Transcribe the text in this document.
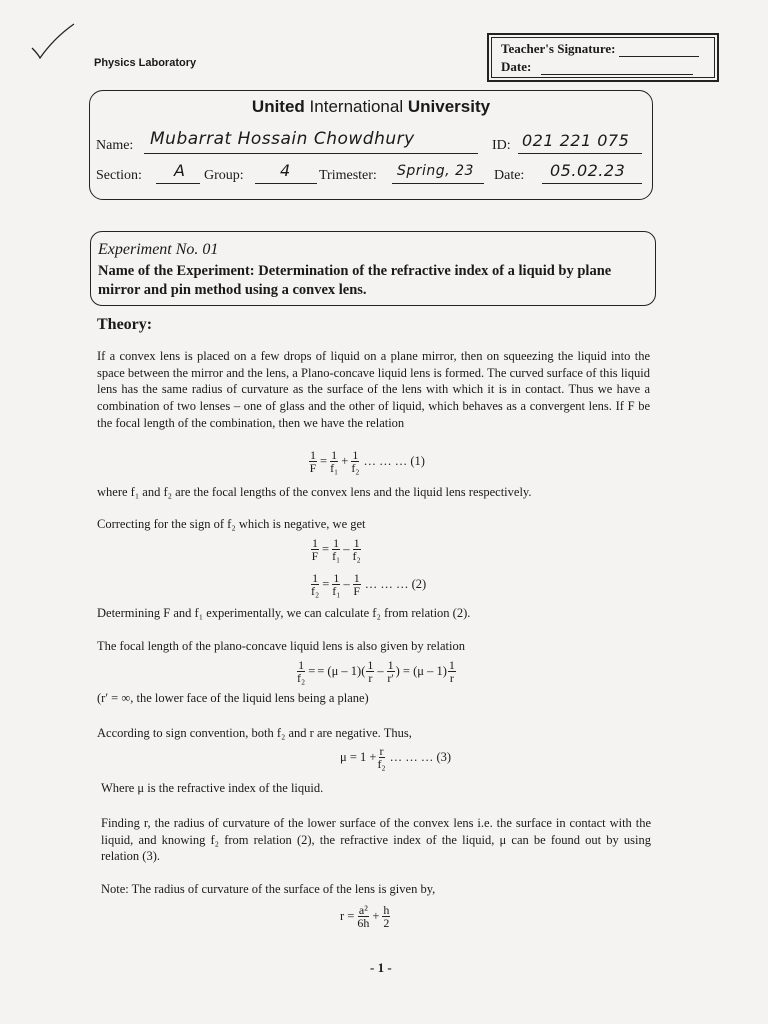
Physics Laboratory
Teacher's Signature:
Date:
United International University
Name: Mubarrat Hossain Chowdhury	ID: 021 221 075
Section: A Group: 4 Trimester: Spring, 23 Date: 05.02.23
Experiment No. 01
Name of the Experiment: Determination of the refractive index of a liquid by plane mirror and pin method using a convex lens.
Theory:
If a convex lens is placed on a few drops of liquid on a plane mirror, then on squeezing the liquid into the space between the mirror and the lens, a Plano-concave liquid lens is formed. The curved surface of this liquid lens has the same radius of curvature as the surface of the lens with which it is in contact. Thus we have a combination of two lenses – one of glass and the other of liquid, which behaves as a convergent lens. If F be the focal length of the combination, then we have the relation
$\frac{1}{F} = \frac{1}{\text{f₁}} + \frac{1}{\text{f₂}}$ … … … (1)
where f₁ and f₂ are the focal lengths of the convex lens and the liquid lens respectively.
Correcting for the sign of f₂ which is negative, we get
$\frac{1}{F} = \frac{1}{\text{f₁}} - \frac{1}{\text{f₂}}$
$\frac{1}{\text{f₂}} = \frac{1}{\text{f₁}} - \frac{1}{F}$ … … … (2)
Determining F and f₁ experimentally, we can calculate f₂ from relation (2).
The focal length of the plano-concave liquid lens is also given by relation
$\frac{1}{\text{f₂}}$ = = $(\mu - 1)( \frac{1}{r} - \frac{1}{r'}$ ) = $(\mu - 1) \frac{1}{r}$
(r′ = ∞, the lower face of the liquid lens being a plane)
According to sign convention, both f₂ and r are negative. Thus,
$\mu = 1 + \frac{r}{\text{f₂}}$ … … … (3)
Where μ is the refractive index of the liquid.
Finding r, the radius of curvature of the lower surface of the convex lens i.e. the surface in contact with the liquid, and knowing f₂ from relation (2), the refractive index of the liquid, μ can be found out by using relation (3).
Note: The radius of curvature of the surface of the lens is given by,
$r = \frac{\text{a²}}{6h} + \frac{h}{2}$
- 1 -
